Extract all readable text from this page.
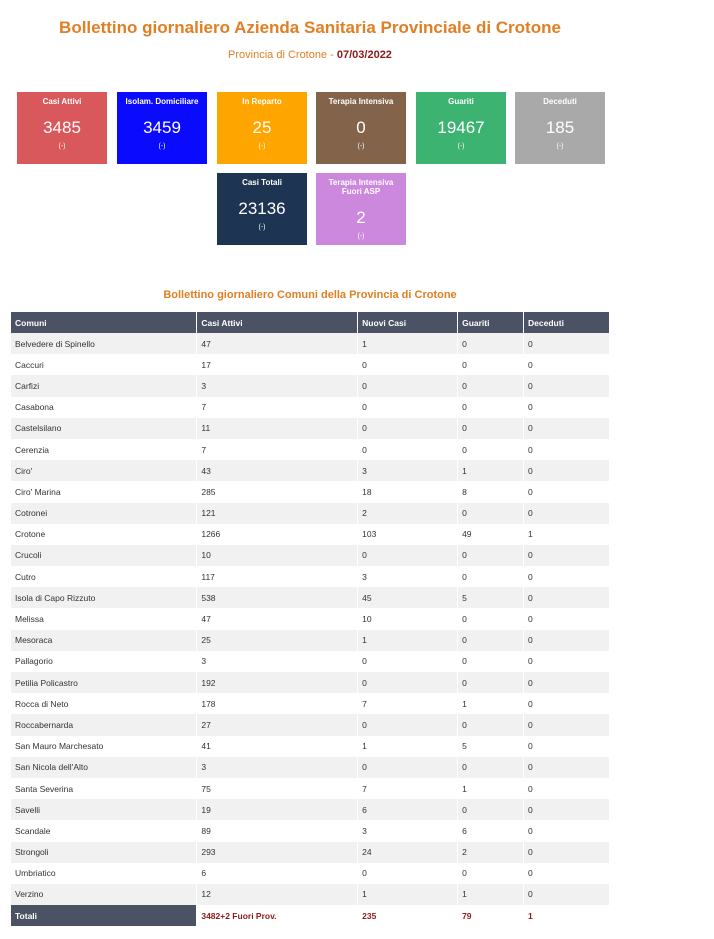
Bollettino giornaliero Azienda Sanitaria Provinciale di Crotone
Provincia di Crotone - 07/03/2022
Casi Attivi
3485
(-)
Isolam. Domiciliare
3459
(-)
In Reparto
25
(-)
Terapia Intensiva
0
(-)
Guariti
19467
(-)
Deceduti
185
(-)
Casi Totali
23136
(-)
Terapia Intensiva Fuori ASP
2
(-)
Bollettino giornaliero Comuni della Provincia di Crotone
Comuni	Casi Attivi	Nuovi Casi	Guariti	Deceduti
Belvedere di Spinello	47	1	0	0
Caccuri	17	0	0	0
Carfizi	3	0	0	0
Casabona	7	0	0	0
Castelsilano	11	0	0	0
Cerenzia	7	0	0	0
Ciro'	43	3	1	0
Ciro' Marina	285	18	8	0
Cotronei	121	2	0	0
Crotone	1266	103	49	1
Crucoli	10	0	0	0
Cutro	117	3	0	0
Isola di Capo Rizzuto	538	45	5	0
Melissa	47	10	0	0
Mesoraca	25	1	0	0
Pallagorio	3	0	0	0
Petilia Policastro	192	0	0	0
Rocca di Neto	178	7	1	0
Roccabernarda	27	0	0	0
San Mauro Marchesato	41	1	5	0
San Nicola dell'Alto	3	0	0	0
Santa Severina	75	7	1	0
Savelli	19	6	0	0
Scandale	89	3	6	0
Strongoli	293	24	2	0
Umbriatico	6	0	0	0
Verzino	12	1	1	0
Totali	3482+2 Fuori Prov.	235	79	1
